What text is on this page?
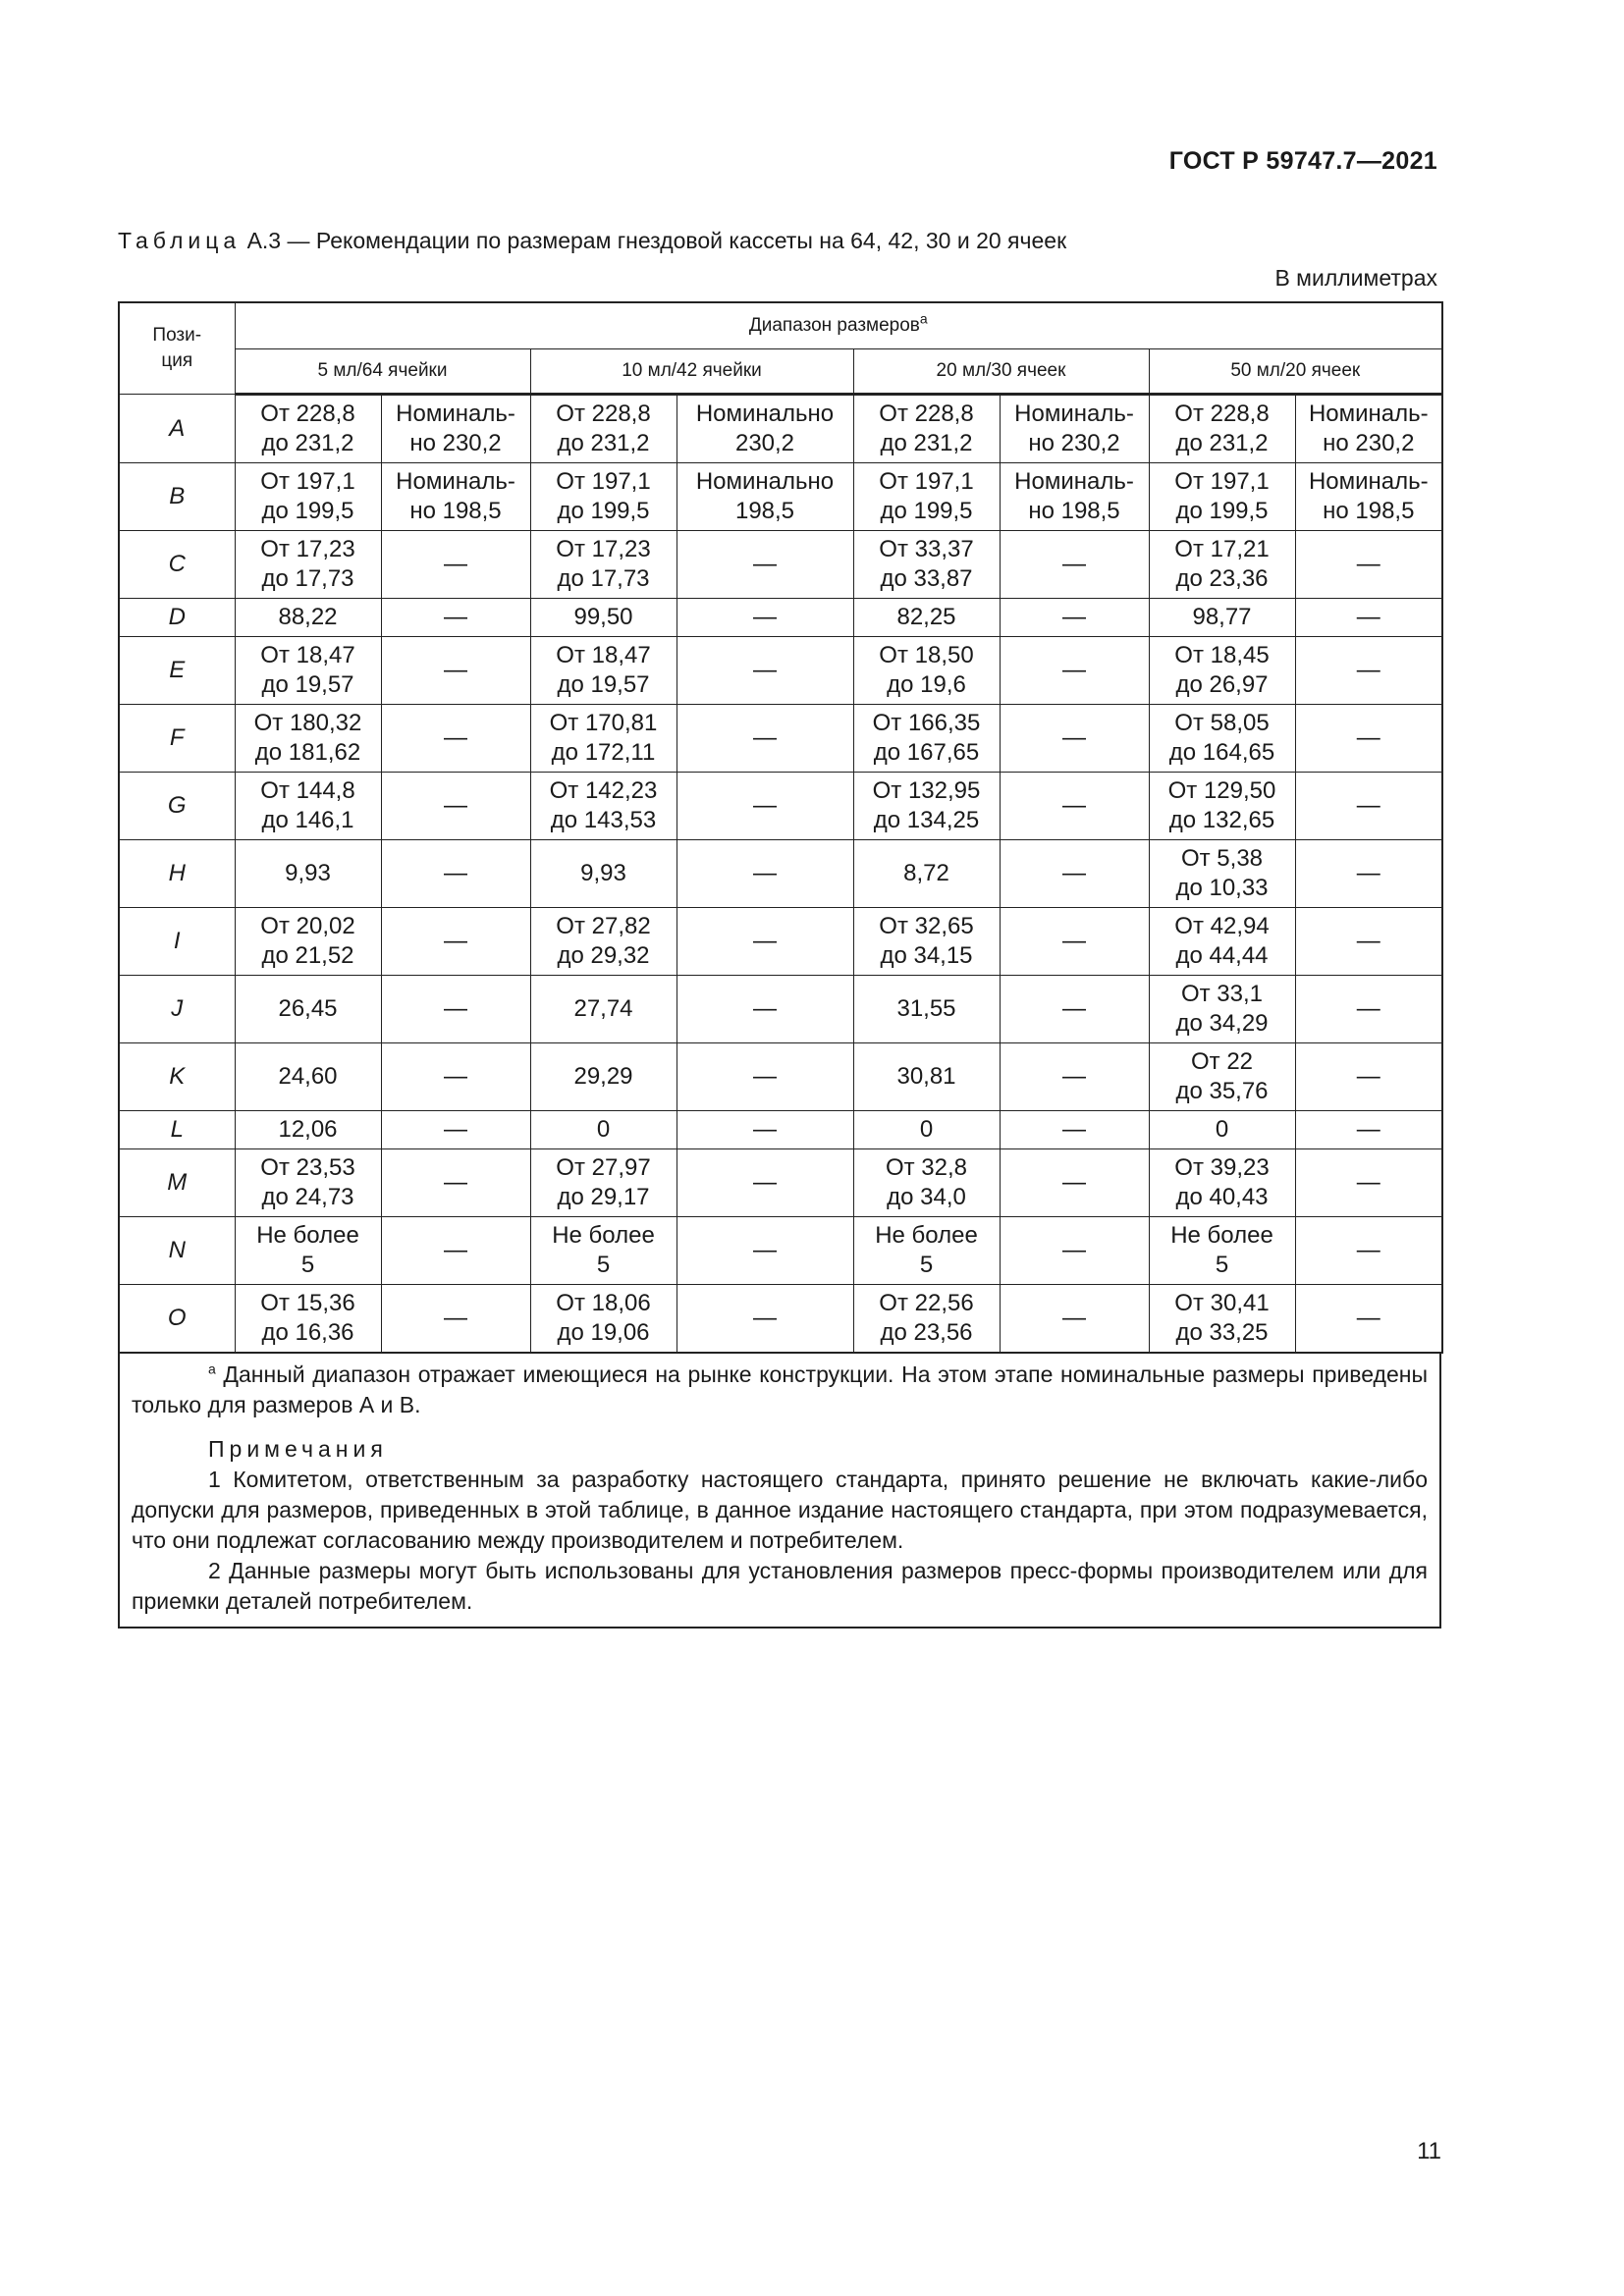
ГОСТ Р 59747.7—2021
Таблица А.3 — Рекомендации по размерам гнездовой кассеты на 64, 42, 30 и 20 ячеек
В миллиметрах
Пози-
ция	Диапазон размеров$^a$
	5 мл/64 ячейки		10 мл/42 ячейки		20 мл/30 ячеек		50 мл/20 ячеек	
A	От 228,8
до 231,2	Номиналь-
но 230,2	От 228,8
до 231,2	Номинально
230,2	От 228,8
до 231,2	Номиналь-
но 230,2	От 228,8
до 231,2	Номиналь-
но 230,2
B	От 197,1
до 199,5	Номиналь-
но 198,5	От 197,1
до 199,5	Номинально
198,5	От 197,1
до 199,5	Номиналь-
но 198,5	От 197,1
до 199,5	Номиналь-
но 198,5
C	От 17,23
до 17,73	—	От 17,23
до 17,73	—	От 33,37
до 33,87	—	От 17,21
до 23,36	—
D	88,22	—	99,50	—	82,25	—	98,77	—
E	От 18,47
до 19,57	—	От 18,47
до 19,57	—	От 18,50
до 19,6	—	От 18,45
до 26,97	—
F	От 180,32
до 181,62	—	От 170,81
до 172,11	—	От 166,35
до 167,65	—	От 58,05
до 164,65	—
G	От 144,8
до 146,1	—	От 142,23
до 143,53	—	От 132,95
до 134,25	—	От 129,50
до 132,65	—
H	9,93	—	9,93	—	8,72	—	От 5,38
до 10,33	—
I	От 20,02
до 21,52	—	От 27,82
до 29,32	—	От 32,65
до 34,15	—	От 42,94
до 44,44	—
J	26,45	—	27,74	—	31,55	—	От 33,1
до 34,29	—
K	24,60	—	29,29	—	30,81	—	От 22
до 35,76	—
L	12,06	—	0	—	0	—	0	—
M	От 23,53
до 24,73	—	От 27,97
до 29,17	—	От 32,8
до 34,0	—	От 39,23
до 40,43	—
N	Не более
5	—	Не более
5	—	Не более
5	—	Не более
5	—
O	От 15,36
до 16,36	—	От 18,06
до 19,06	—	От 22,56
до 23,56	—	От 30,41
до 33,25	—

$^a$ Данный диапазон отражает имеющиеся на рынке конструкции. На этом этапе номинальные размеры приведены только для размеров А и В.

Примечания

1 Комитетом, ответственным за разработку настоящего стандарта, принято решение не включать какие-либо допуски для размеров, приведенных в этой таблице, в данное издание настоящего стандарта, при этом подразумевается, что они подлежат согласованию между производителем и потребителем.

2 Данные размеры могут быть использованы для установления размеров пресс-формы производителем или для приемки деталей потребителем.

11
